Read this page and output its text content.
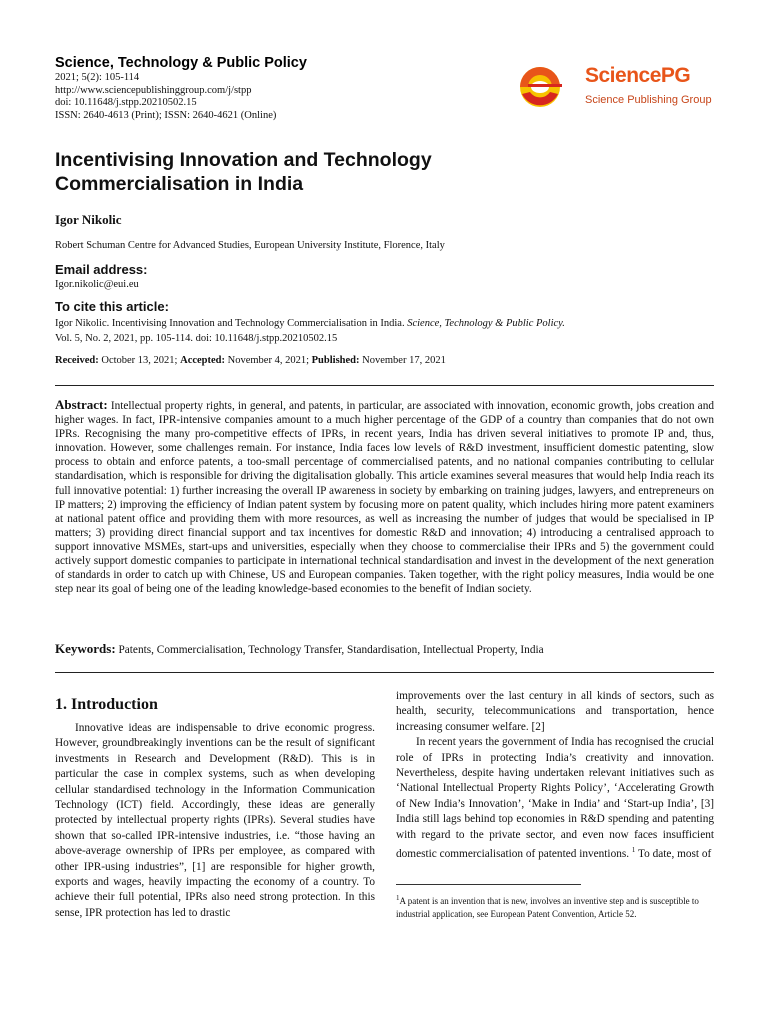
Science, Technology & Public Policy
2021; 5(2): 105-114
http://www.sciencepublishinggroup.com/j/stpp
doi: 10.11648/j.stpp.20210502.15
ISSN: 2640-4613 (Print); ISSN: 2640-4621 (Online)
SciencePG
Science Publishing Group
Incentivising Innovation and Technology Commercialisation in India
Igor Nikolic
Robert Schuman Centre for Advanced Studies, European University Institute, Florence, Italy
Email address:
Igor.nikolic@eui.eu
To cite this article:
Igor Nikolic. Incentivising Innovation and Technology Commercialisation in India. Science, Technology & Public Policy.
Vol. 5, No. 2, 2021, pp. 105-114. doi: 10.11648/j.stpp.20210502.15
Received: October 13, 2021; Accepted: November 4, 2021; Published: November 17, 2021
Abstract: Intellectual property rights, in general, and patents, in particular, are associated with innovation, economic growth, jobs creation and higher wages. In fact, IPR-intensive companies amount to a much higher percentage of the GDP of a country than companies that do not own IPRs. Recognising the many pro-competitive effects of IPRs, in recent years, India has driven several initiatives to promote IP and, thus, innovation. However, some challenges remain. For instance, India faces low levels of R&D investment, insufficient domestic patenting, slow process to obtain and enforce patents, a too-small percentage of commercialised patents, and no national companies contributing to cellular standardisation, which is responsible for driving the digitalisation globally. This article examines several measures that would help India reach its full innovative potential: 1) further increasing the overall IP awareness in society by embarking on training judges, lawyers, and entrepreneurs on IP matters; 2) improving the efficiency of Indian patent system by focusing more on patent quality, which includes hiring more patent examiners at national patent office and providing them with more resources, as well as increasing the number of judges that would be specialised in IP matters; 3) providing direct financial support and tax incentives for domestic R&D and innovation; 4) introducing a centralised approach to support innovative MSMEs, start-ups and universities, especially when they choose to commercialise their IPRs and 5) the government could actively support domestic companies to participate in international technical standardisation and invest in the development of the next generation of standards in order to catch up with Chinese, US and European companies. Taken together, with the right policy measures, India would be one step near its goal of being one of the leading knowledge-based economies to the benefit of Indian society.
Keywords: Patents, Commercialisation, Technology Transfer, Standardisation, Intellectual Property, India
1. Introduction

Innovative ideas are indispensable to drive economic progress. However, groundbreakingly inventions can be the result of significant investments in Research and Development (R&D). This is in particular the case in complex systems, such as when developing cellular standardised technology in the Information Communication Technology (ICT) field. Accordingly, these ideas are generally protected by intellectual property rights (IPRs). Several studies have shown that so-called IPR-intensive industries, i.e. “those having an above-average ownership of IPRs per employee, as compared with other IPR-using industries”, [1] are responsible for higher growth, exports and wages, heavily impacting the economy of a country. To achieve their full potential, IPRs also need strong protection. In this sense, IPR protection has led to drastic

improvements over the last century in all kinds of sectors, such as health, security, telecommunications and transportation, hence increasing consumer welfare. [2]

In recent years the government of India has recognised the crucial role of IPRs in protecting India’s creativity and innovation. Nevertheless, despite having undertaken relevant initiatives such as ‘National Intellectual Property Rights Policy’, ‘Accelerating Growth of New India’s Innovation’, ‘Make in India’ and ‘Start-up India’, [3] India still lags behind top economies in R&D spending and patenting with regard to the private sector, and even now faces insufficient domestic commercialisation of patented inventions. $^1$ To date, most of

$^1$A patent is an invention that is new, involves an inventive step and is susceptible to industrial application, see European Patent Convention, Article 52.
